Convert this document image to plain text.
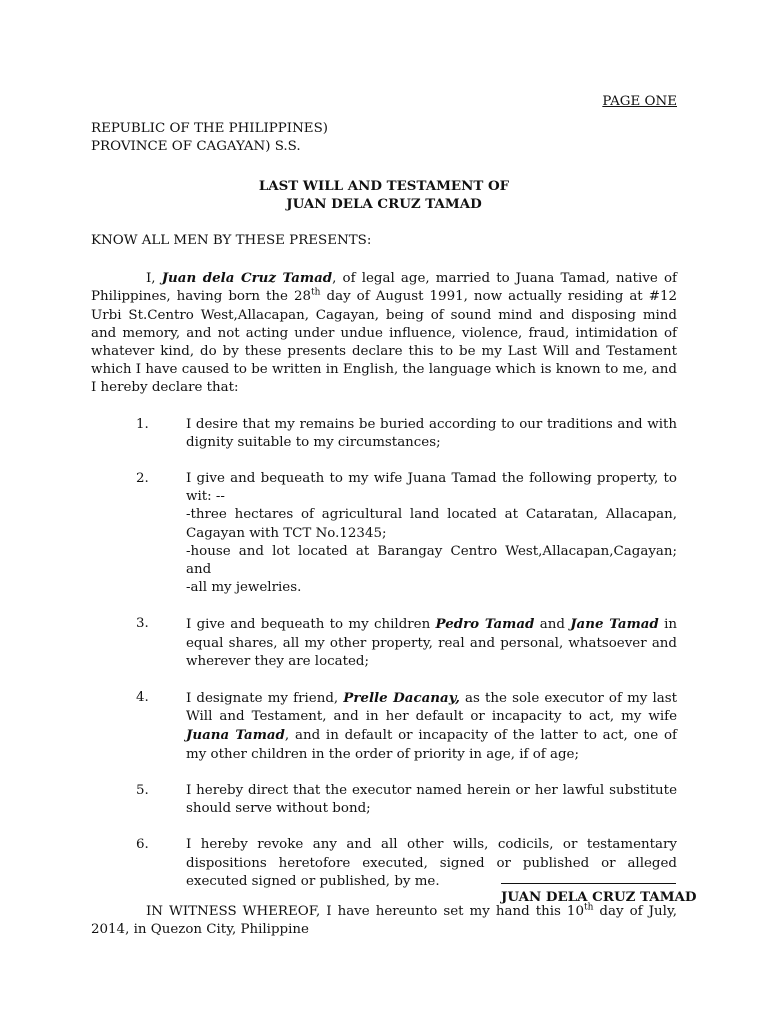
PAGE ONE
REPUBLIC OF THE PHILIPPINES)
PROVINCE OF CAGAYAN) S.S.
LAST WILL AND TESTAMENT OF
JUAN DELA CRUZ TAMAD
KNOW ALL MEN BY THESE PRESENTS:

I, Juan dela Cruz Tamad, of legal age, married to Juana Tamad, native of Philippines, having born the 28th day of August 1991, now actually residing at #12 Urbi St.Centro West,Allacapan, Cagayan, being of sound mind and disposing mind and memory, and not acting under undue influence, violence, fraud, intimidation of whatever kind, do by these presents declare this to be my Last Will and Testament which I have caused to be written in English, the language which is known to me, and I hereby declare that:

1.	I desire that my remains be buried according to our traditions and with dignity suitable to my circumstances;
2.	I give and bequeath to my wife Juana Tamad the following property, to wit: --
-three hectares of agricultural land located at Cataratan, Allacapan, Cagayan with TCT No.12345;
-house and lot located at Barangay Centro West,Allacapan,Cagayan; and
-all my jewelries.
3.	I give and bequeath to my children Pedro Tamad and Jane Tamad in equal shares, all my other property, real and personal, whatsoever and wherever they are located;
4.	I designate my friend, Prelle Dacanay, as the sole executor of my last Will and Testament, and in her default or incapacity to act, my wife Juana Tamad, and in default or incapacity of the latter to act, one of my other children in the order of priority in age, if of age;
5.	I hereby direct that the executor named herein or her lawful substitute should serve without bond;
6.	I hereby revoke any and all other wills, codicils, or testamentary dispositions heretofore executed, signed or published or alleged executed signed or published, by me.

IN WITNESS WHEREOF, I have hereunto set my hand this 10th day of July, 2014, in Quezon City, Philippine

JUAN DELA CRUZ TAMAD
